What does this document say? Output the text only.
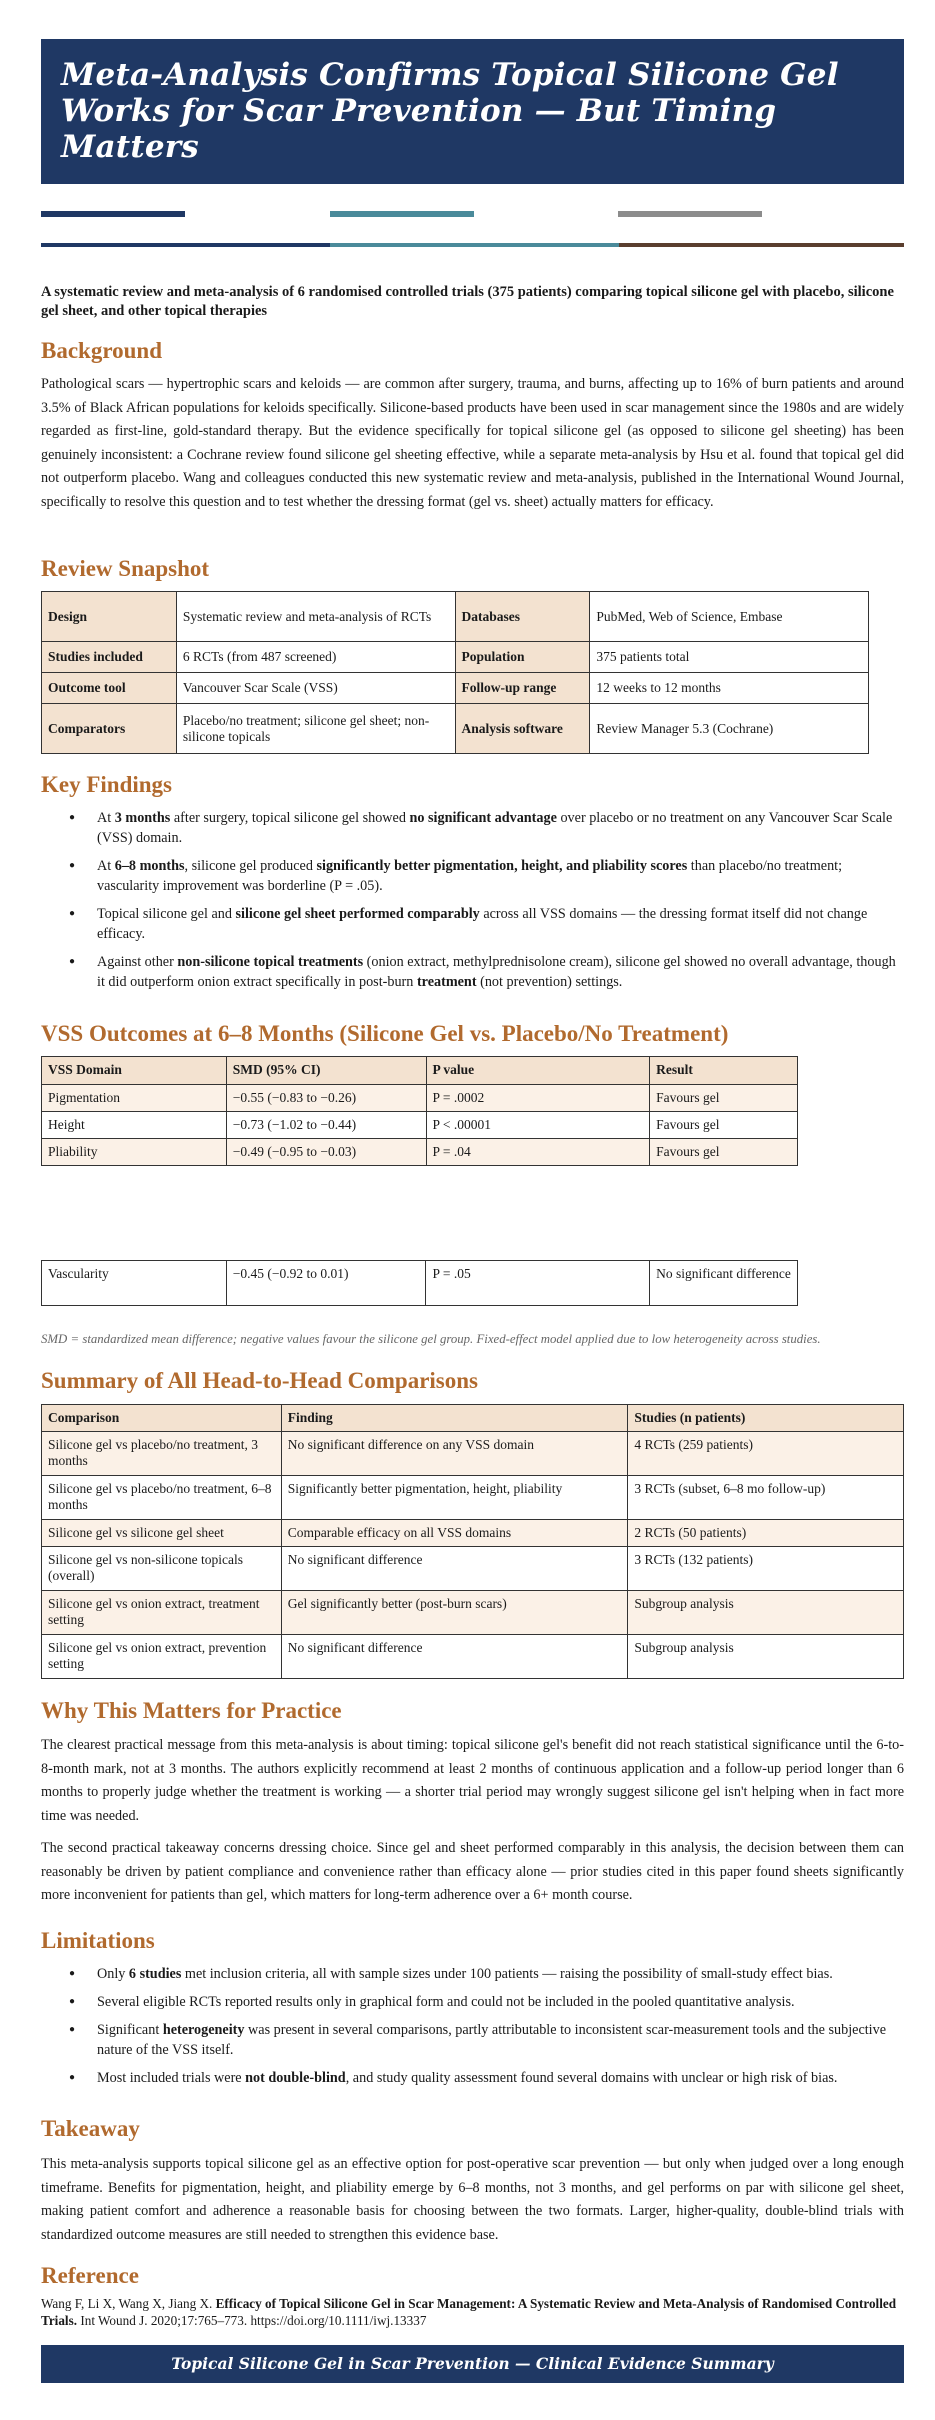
Meta-Analysis Confirms Topical Silicone Gel Works for Scar Prevention — But Timing Matters
A systematic review and meta-analysis of 6 randomised controlled trials (375 patients) comparing topical silicone gel with placebo, silicone gel sheet, and other topical therapies
Background

Pathological scars — hypertrophic scars and keloids — are common after surgery, trauma, and burns, affecting up to 16% of burn patients and around 3.5% of Black African populations for keloids specifically. Silicone-based products have been used in scar management since the 1980s and are widely regarded as first-line, gold-standard therapy. But the evidence specifically for topical silicone gel (as opposed to silicone gel sheeting) has been genuinely inconsistent: a Cochrane review found silicone gel sheeting effective, while a separate meta-analysis by Hsu et al. found that topical gel did not outperform placebo. Wang and colleagues conducted this new systematic review and meta-analysis, published in the International Wound Journal, specifically to resolve this question and to test whether the dressing format (gel vs. sheet) actually matters for efficacy.

Review Snapshot
Design	Systematic review and meta-analysis of RCTs	Databases	PubMed, Web of Science, Embase
Studies included	6 RCTs (from 487 screened)	Population	375 patients total
Outcome tool	Vancouver Scar Scale (VSS)	Follow-up range	12 weeks to 12 months
Comparators	Placebo/no treatment; silicone gel sheet; non-silicone topicals	Analysis software	Review Manager 5.3 (Cochrane)
Key Findings
● At 3 months after surgery, topical silicone gel showed no significant advantage over placebo or no treatment on any Vancouver Scar Scale (VSS) domain.
● At 6–8 months, silicone gel produced significantly better pigmentation, height, and pliability scores than placebo/no treatment; vascularity improvement was borderline (P = .05).
● Topical silicone gel and silicone gel sheet performed comparably across all VSS domains — the dressing format itself did not change efficacy.
● Against other non-silicone topical treatments (onion extract, methylprednisolone cream), silicone gel showed no overall advantage, though it did outperform onion extract specifically in post-burn treatment (not prevention) settings.
VSS Outcomes at 6–8 Months (Silicone Gel vs. Placebo/No Treatment)
VSS Domain	SMD (95% CI)	P value	Result
Pigmentation	−0.55 (−0.83 to −0.26)	P = .0002	Favours gel
Height	−0.73 (−1.02 to −0.44)	P < .00001	Favours gel
Pliability	−0.49 (−0.95 to −0.03)	P = .04	Favours gel
Vascularity	−0.45 (−0.92 to 0.01)	P = .05	No significant difference
SMD = standardized mean difference; negative values favour the silicone gel group. Fixed-effect model applied due to low heterogeneity across studies.
Summary of All Head-to-Head Comparisons
Comparison	Finding	Studies (n patients)
Silicone gel vs placebo/no treatment, 3 months	No significant difference on any VSS domain	4 RCTs (259 patients)
Silicone gel vs placebo/no treatment, 6–8 months	Significantly better pigmentation, height, pliability	3 RCTs (subset, 6–8 mo follow-up)
Silicone gel vs silicone gel sheet	Comparable efficacy on all VSS domains	2 RCTs (50 patients)
Silicone gel vs non-silicone topicals (overall)	No significant difference	3 RCTs (132 patients)
Silicone gel vs onion extract, treatment setting	Gel significantly better (post-burn scars)	Subgroup analysis
Silicone gel vs onion extract, prevention setting	No significant difference	Subgroup analysis
Why This Matters for Practice

The clearest practical message from this meta-analysis is about timing: topical silicone gel's benefit did not reach statistical significance until the 6-to-8-month mark, not at 3 months. The authors explicitly recommend at least 2 months of continuous application and a follow-up period longer than 6 months to properly judge whether the treatment is working — a shorter trial period may wrongly suggest silicone gel isn't helping when in fact more time was needed.

The second practical takeaway concerns dressing choice. Since gel and sheet performed comparably in this analysis, the decision between them can reasonably be driven by patient compliance and convenience rather than efficacy alone — prior studies cited in this paper found sheets significantly more inconvenient for patients than gel, which matters for long-term adherence over a 6+ month course.

Limitations
● Only 6 studies met inclusion criteria, all with sample sizes under 100 patients — raising the possibility of small-study effect bias.
● Several eligible RCTs reported results only in graphical form and could not be included in the pooled quantitative analysis.
● Significant heterogeneity was present in several comparisons, partly attributable to inconsistent scar-measurement tools and the subjective nature of the VSS itself.
● Most included trials were not double-blind, and study quality assessment found several domains with unclear or high risk of bias.
Takeaway

This meta-analysis supports topical silicone gel as an effective option for post-operative scar prevention — but only when judged over a long enough timeframe. Benefits for pigmentation, height, and pliability emerge by 6–8 months, not 3 months, and gel performs on par with silicone gel sheet, making patient comfort and adherence a reasonable basis for choosing between the two formats. Larger, higher-quality, double-blind trials with standardized outcome measures are still needed to strengthen this evidence base.

Reference
Wang F, Li X, Wang X, Jiang X. Efficacy of Topical Silicone Gel in Scar Management: A Systematic Review and Meta-Analysis of Randomised Controlled Trials. Int Wound J. 2020;17:765–773. https://doi.org/10.1111/iwj.13337
Topical Silicone Gel in Scar Prevention — Clinical Evidence Summary
